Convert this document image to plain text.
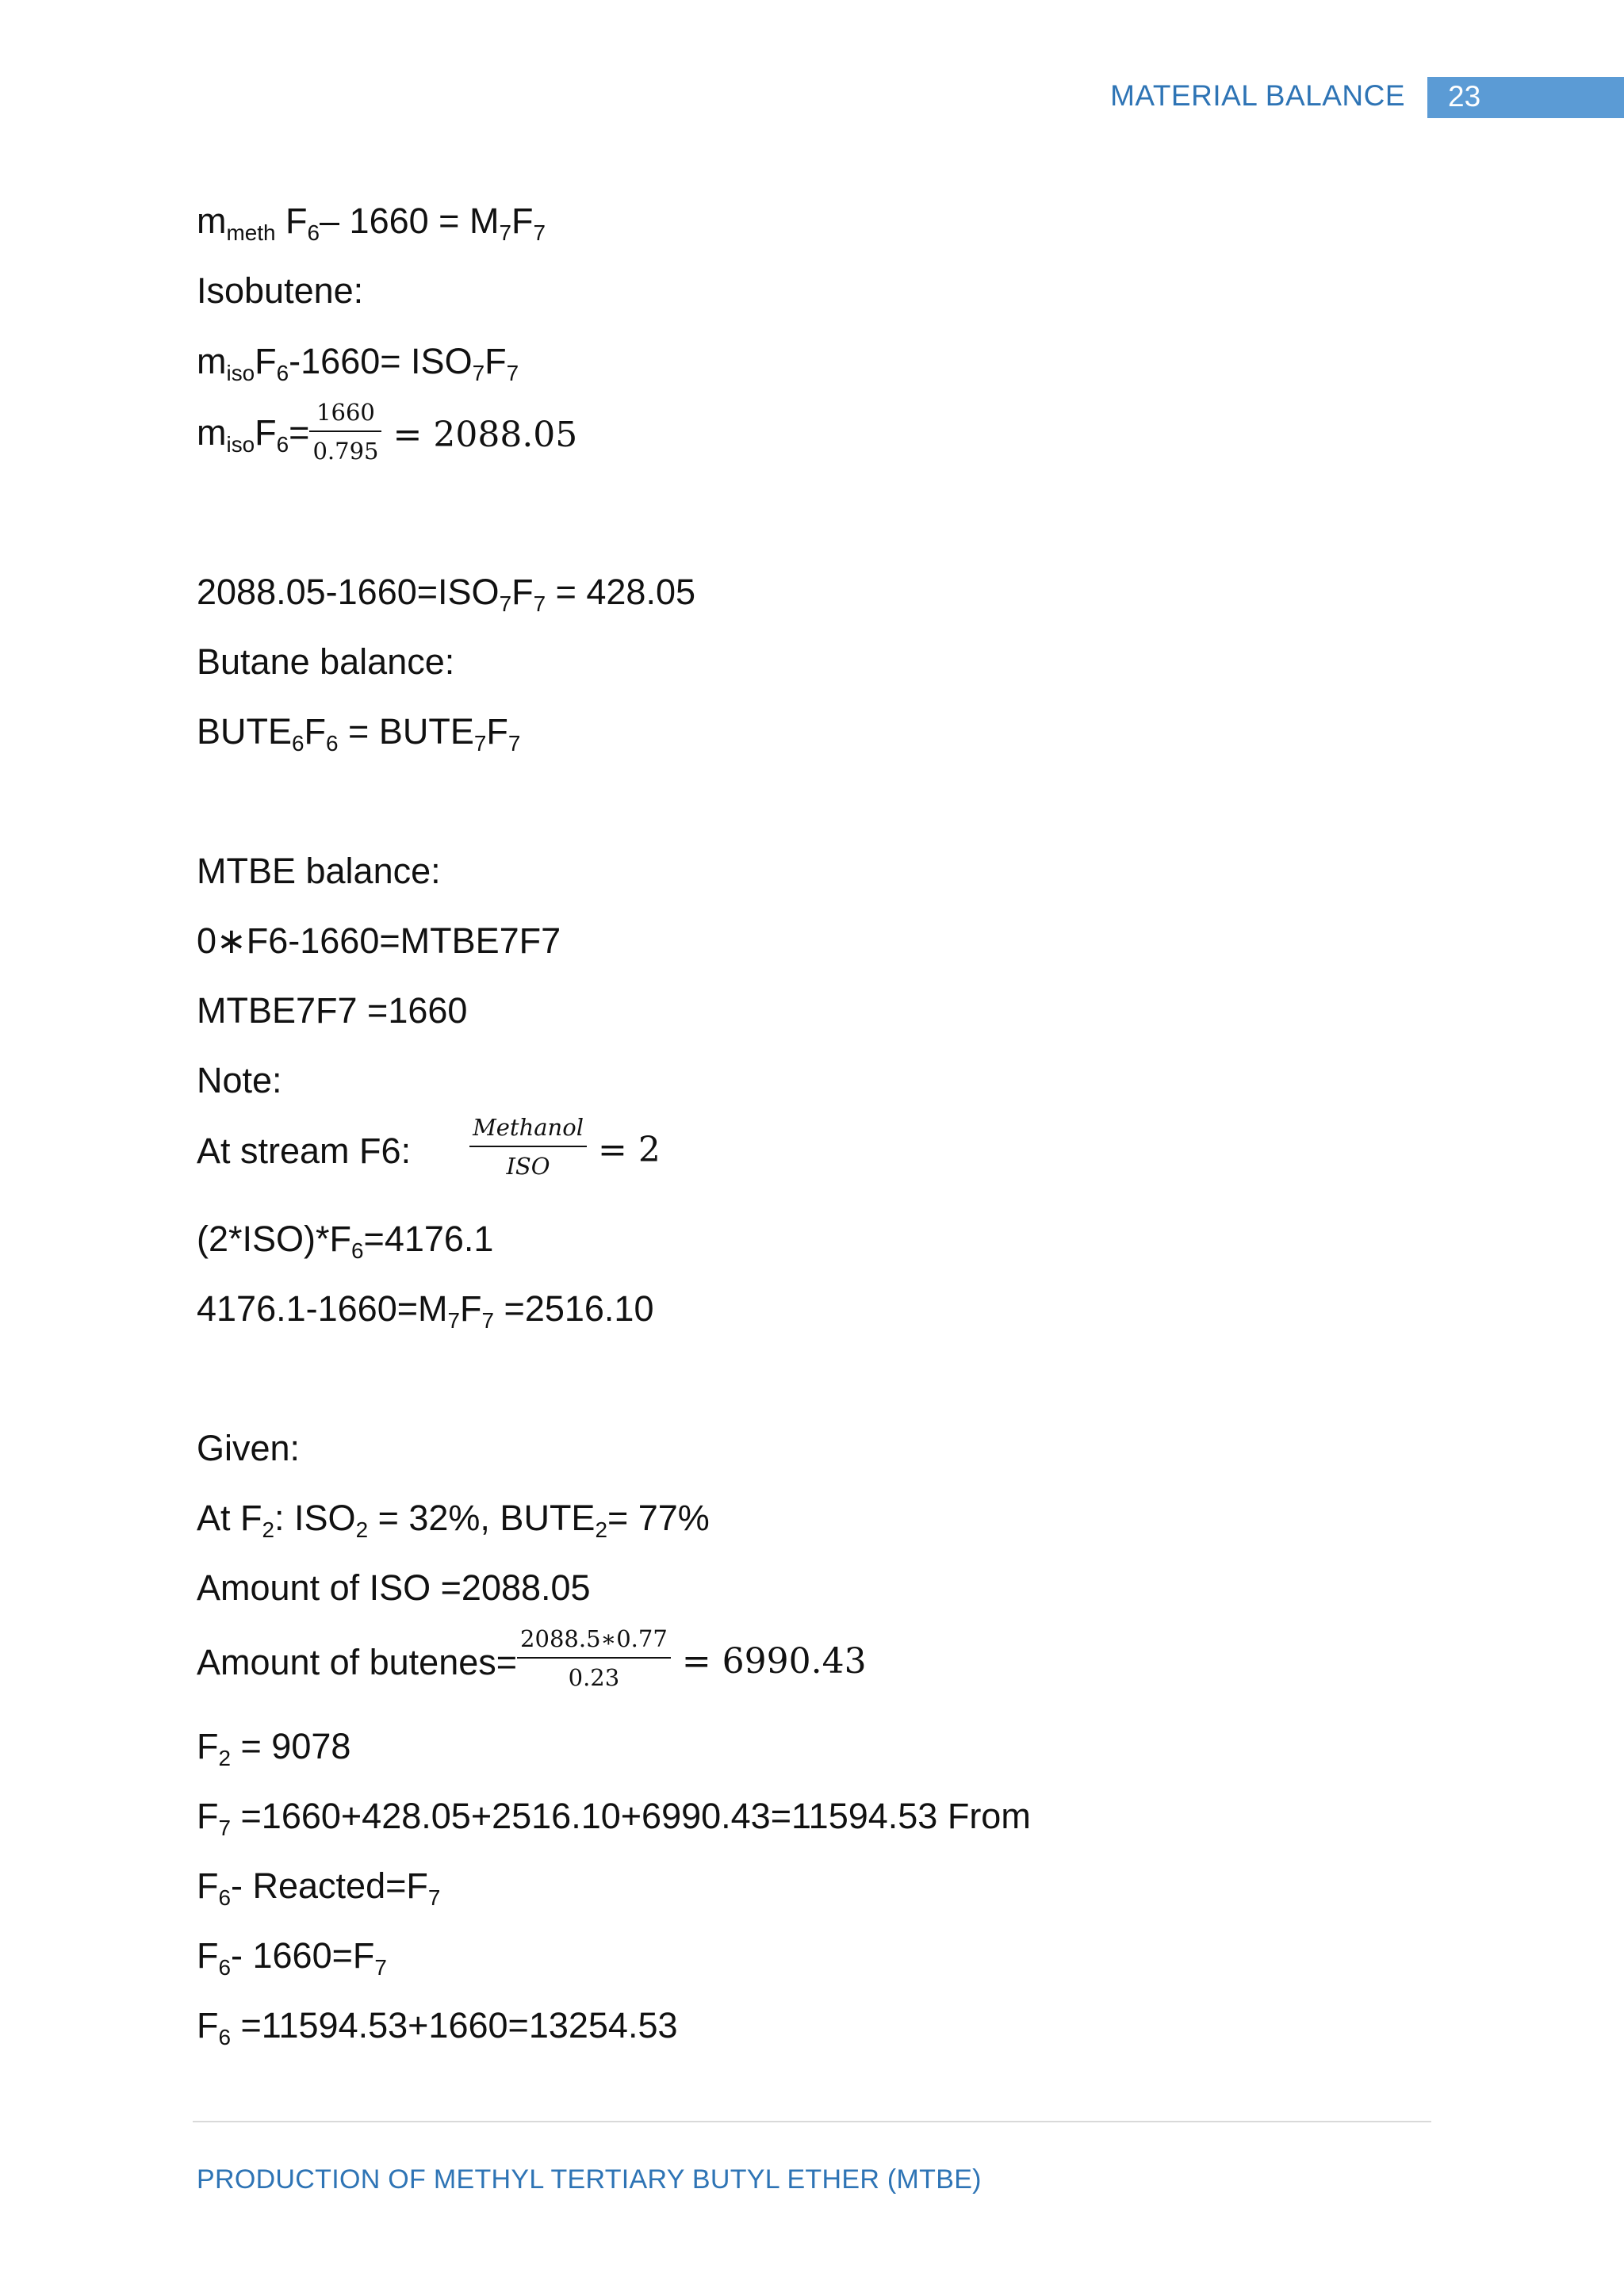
MATERIAL BALANCE 23
$m_{meth}$ $F_6-$ $1660 = M_7F_7$
Isobutene:
$m_{iso}F_6-1660= ISO_7F_7$
$m_{iso}F_6= \frac{1660}{0.795} = 2088.05$
$2088.05-1660=ISO_7F_7 = 428.05$
Butane balance:
$BUTE_6F_6$ = $BUTE_7F_7$
MTBE balance:
0∗F6-1660=MTBE7F7
MTBE7F7 =1660
Note:
At stream F6:	$\frac{\text{Methanol}}{\text{ISO}} = 2$
$(2*ISO)*F_6=4176.1$
$4176.1-1660=M_7F_7 =2516.10$
Given:
At $F_2$: $ISO_2 = 32\%$, $BUTE_2= 77\%$
Amount of ISO =2088.05
Amount of butenes= $\frac{2088.5∗0.77}{0.23} = 6990.43$
$F_2 = 9078$
$F_7 =1660+428.05+2516.10+6990.43=11594.53$ From
$F_6-$ $Reacted=F_7$
$F_6-$ $1660=F_7$
$F_6 =11594.53+1660=13254.53$
PRODUCTION OF METHYL TERTIARY BUTYL ETHER (MTBE)
